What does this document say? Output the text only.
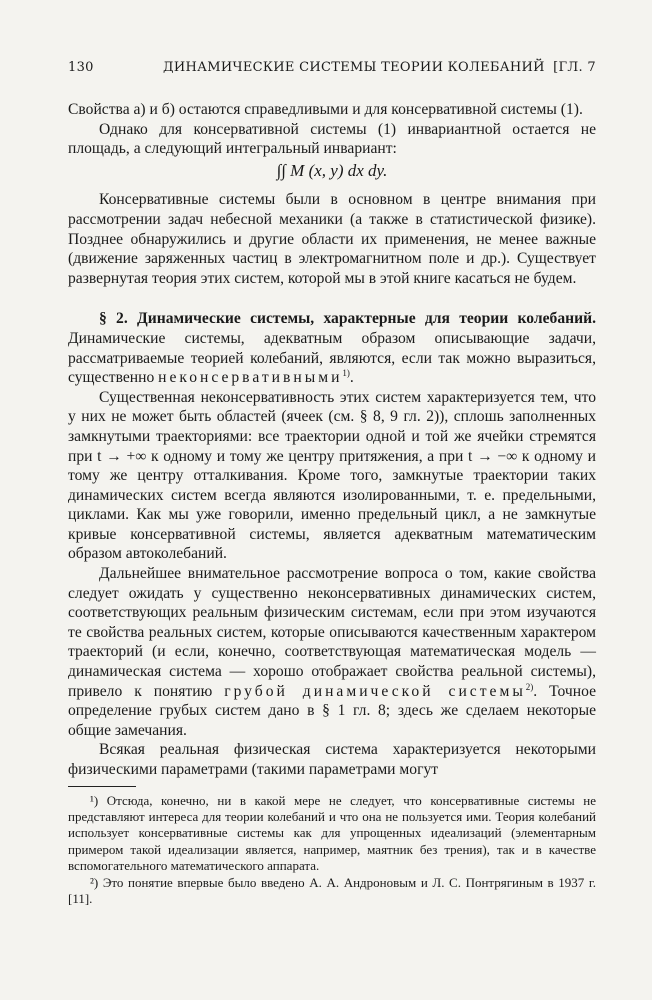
130	ДИНАМИЧЕСКИЕ СИСТЕМЫ ТЕОРИИ КОЛЕБАНИЙ [ГЛ. 7

Свойства а) и б) остаются справедливыми и для консервативной системы (1).

Однако для консервативной системы (1) инвариантной остается не площадь, а следующий интегральный инвариант:

∫∫ M (x, y) dx dy.

Консервативные системы были в основном в центре внимания при рассмотрении задач небесной механики (а также в статистической физике). Позднее обнаружились и другие области их применения, не менее важные (движение заряженных частиц в электромагнитном поле и др.). Существует развернутая теория этих систем, которой мы в этой книге касаться не будем.

§ 2. Динамические системы, характерные для теории колебаний. Динамические системы, адекватным образом описывающие задачи, рассматриваемые теорией колебаний, являются, если так можно выразиться, существенно неконсервативными$^{1)}$.

Существенная неконсервативность этих систем характеризуется тем, что у них не может быть областей (ячеек (см. § 8, 9 гл. 2)), сплошь заполненных замкнутыми траекториями: все траектории одной и той же ячейки стремятся при t → +∞ к одному и тому же центру притяжения, а при t → −∞ к одному и тому же центру отталкивания. Кроме того, замкнутые траектории таких динамических систем всегда являются изолированными, т. е. предельными, циклами. Как мы уже говорили, именно предельный цикл, а не замкнутые кривые консервативной системы, является адекватным математическим образом автоколебаний.

Дальнейшее внимательное рассмотрение вопроса о том, какие свойства следует ожидать у существенно неконсервативных динамических систем, соответствующих реальным физическим системам, если при этом изучаются те свойства реальных систем, которые описываются качественным характером траекторий (и если, конечно, соответствующая математическая модель — динамическая система — хорошо отображает свойства реальной системы), привело к понятию грубой динамической системы$^{2)}$. Точное определение грубых систем дано в § 1 гл. 8; здесь же сделаем некоторые общие замечания.

Всякая реальная физическая система характеризуется некоторыми физическими параметрами (такими параметрами могут

¹) Отсюда, конечно, ни в какой мере не следует, что консервативные системы не представляют интереса для теории колебаний и что она не пользуется ими. Теория колебаний использует консервативные системы как для упрощенных идеализаций (элементарным примером такой идеализации является, например, маятник без трения), так и в качестве вспомогательного математического аппарата.

²) Это понятие впервые было введено А. А. Андроновым и Л. С. Понтрягиным в 1937 г. [11].
